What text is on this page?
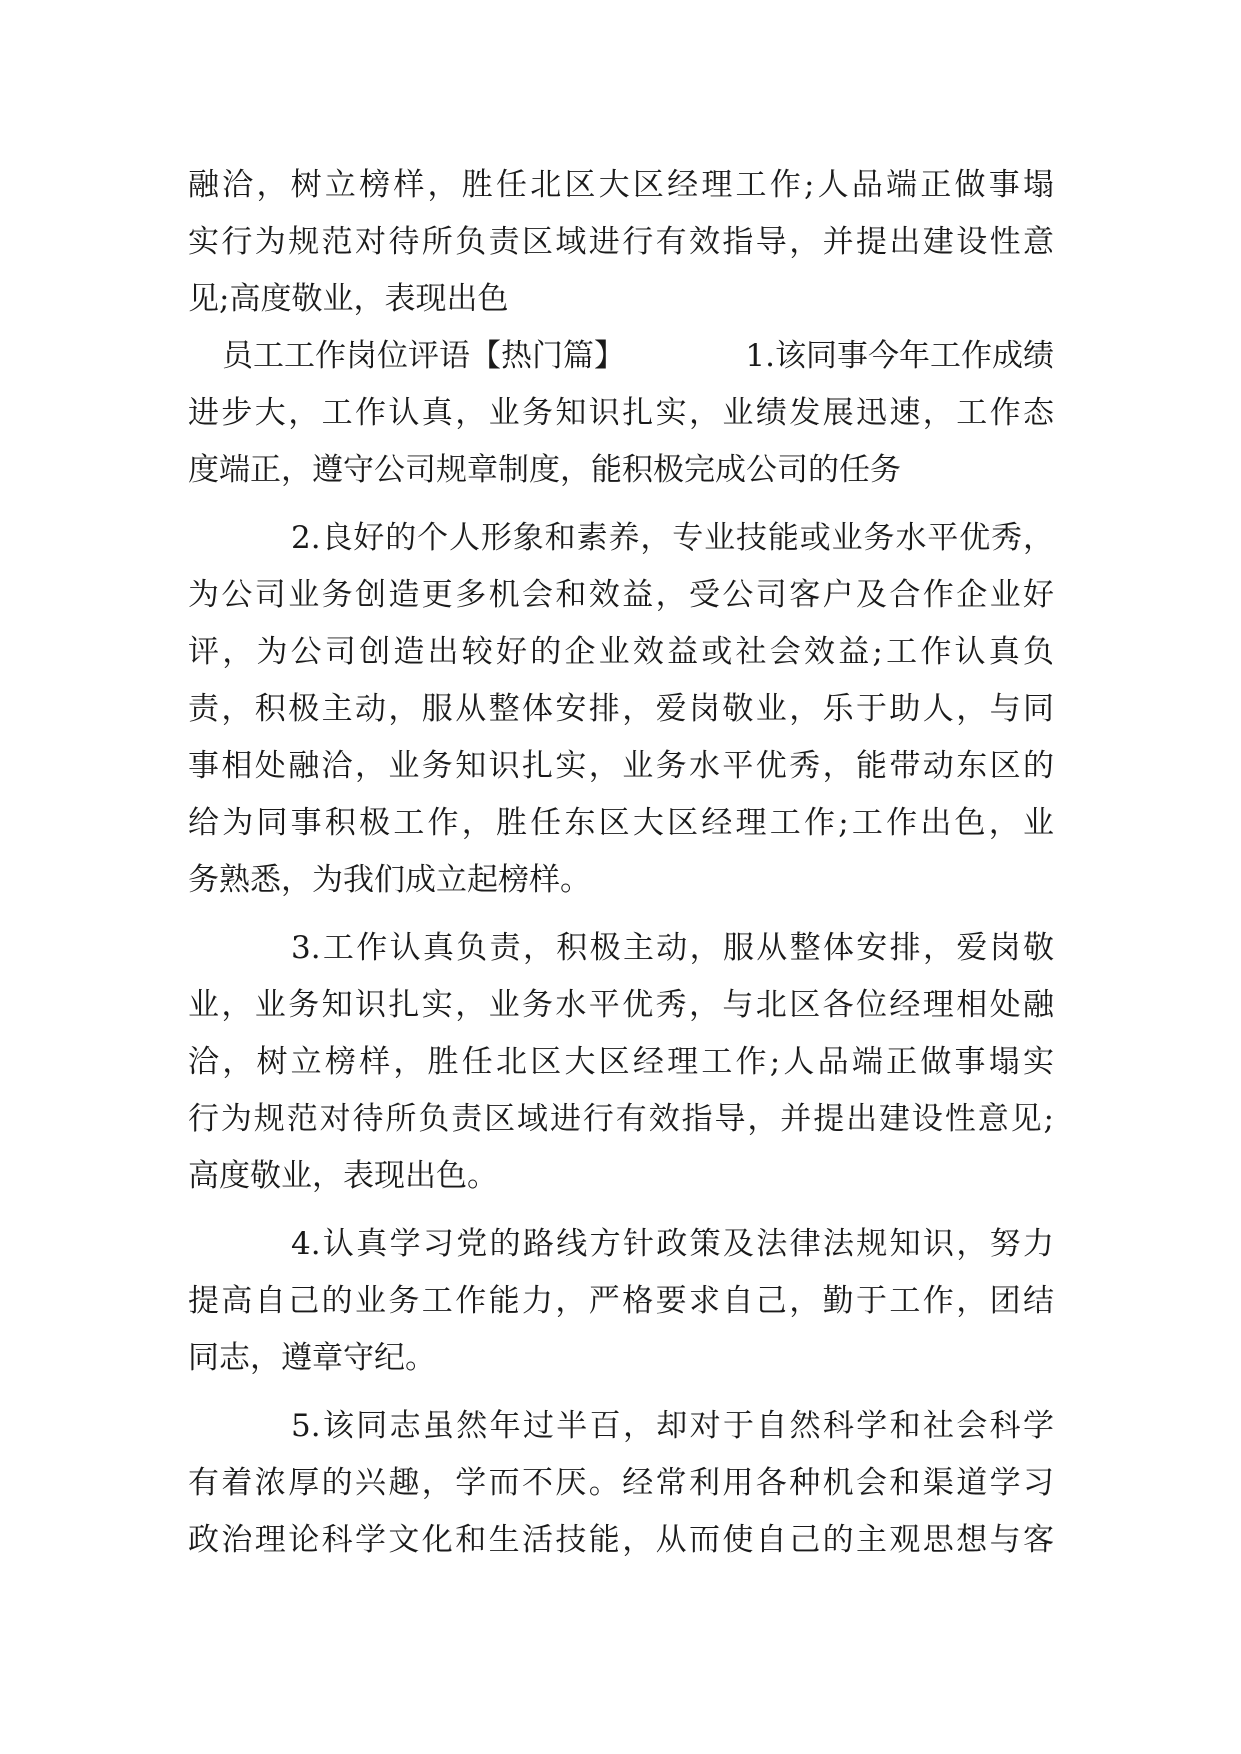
融洽，树立榜样，胜任北区大区经理工作;人品端正做事塌
实行为规范对待所负责区域进行有效指导，并提出建设性意
见;高度敬业，表现出色
员工工作岗位评语【热门篇】	1.该同事今年工作成绩
进步大，工作认真，业务知识扎实，业绩发展迅速，工作态
度端正，遵守公司规章制度，能积极完成公司的任务
2.良好的个人形象和素养，专业技能或业务水平优秀，
为公司业务创造更多机会和效益，受公司客户及合作企业好
评，为公司创造出较好的企业效益或社会效益;工作认真负
责，积极主动，服从整体安排，爱岗敬业，乐于助人，与同
事相处融洽，业务知识扎实，业务水平优秀，能带动东区的
给为同事积极工作，胜任东区大区经理工作;工作出色，业
务熟悉，为我们成立起榜样。
3.工作认真负责，积极主动，服从整体安排，爱岗敬
业，业务知识扎实，业务水平优秀，与北区各位经理相处融
洽，树立榜样，胜任北区大区经理工作;人品端正做事塌实
行为规范对待所负责区域进行有效指导，并提出建设性意见;
高度敬业，表现出色。
4.认真学习党的路线方针政策及法律法规知识，努力
提高自己的业务工作能力，严格要求自己，勤于工作，团结
同志，遵章守纪。
5.该同志虽然年过半百，却对于自然科学和社会科学
有着浓厚的兴趣，学而不厌。经常利用各种机会和渠道学习
政治理论科学文化和生活技能，从而使自己的主观思想与客
